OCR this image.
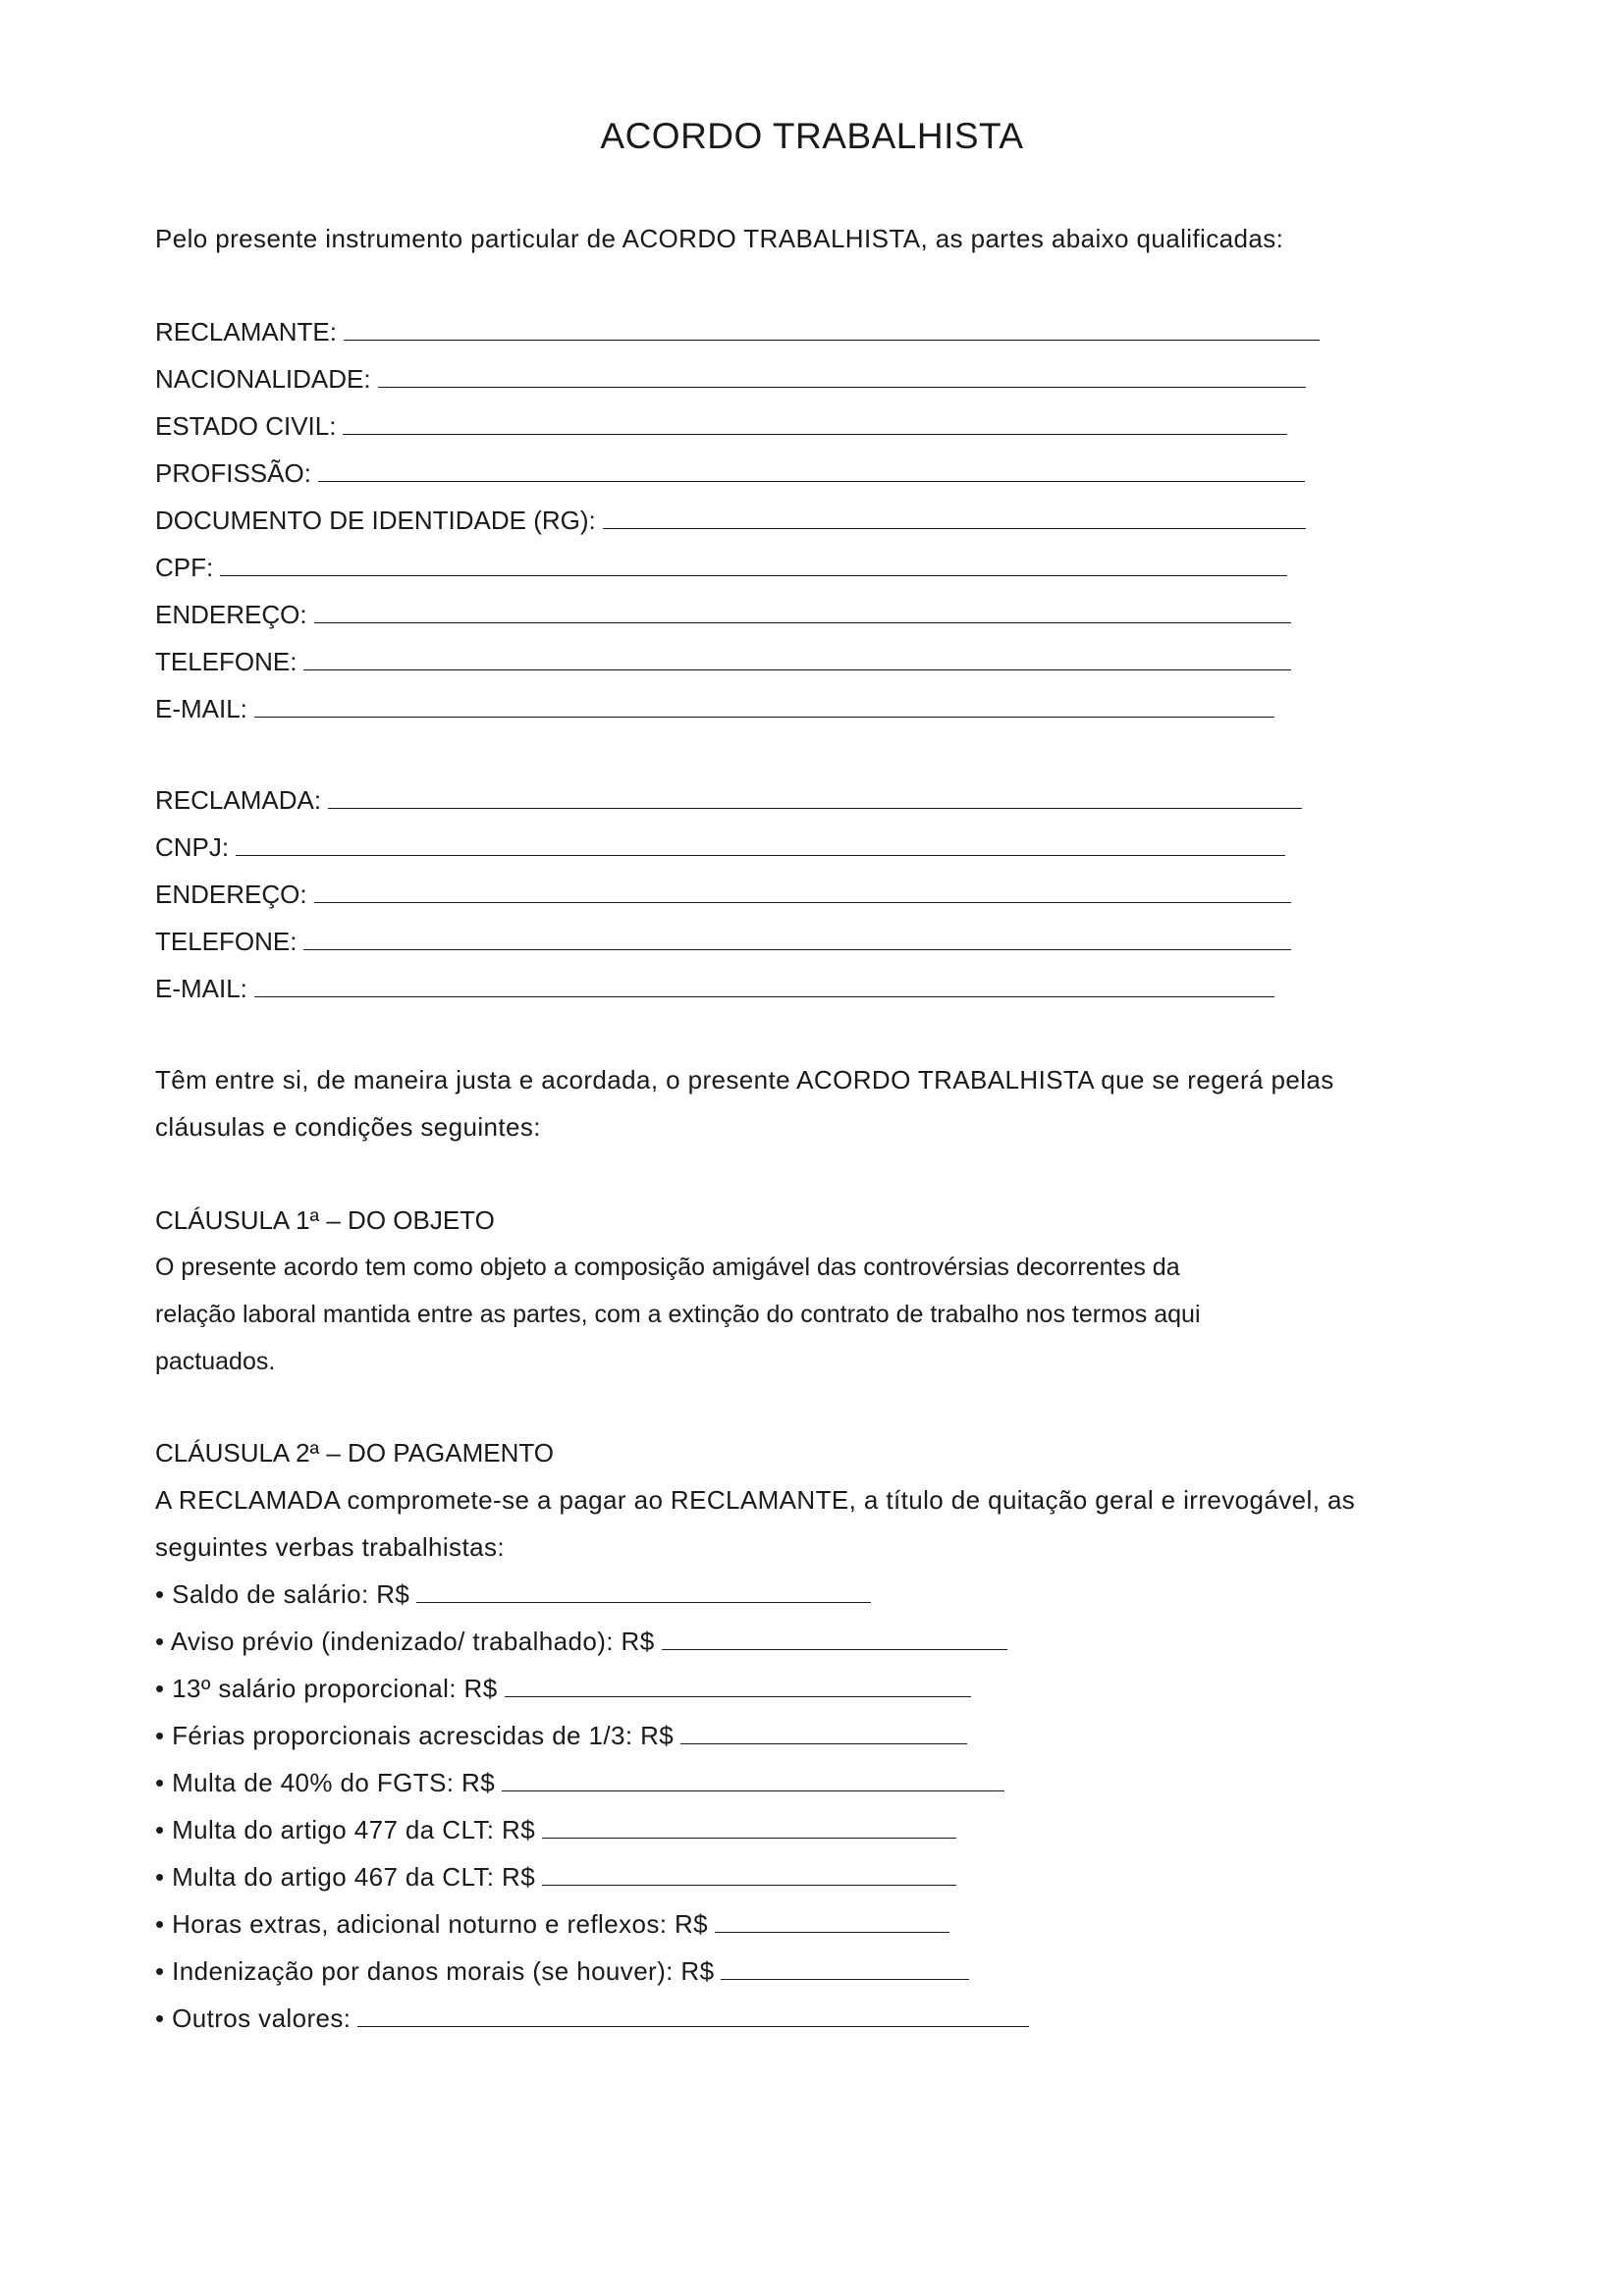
ACORDO TRABALHISTA

Pelo presente instrumento particular de ACORDO TRABALHISTA, as partes abaixo qualificadas:

RECLAMANTE:
NACIONALIDADE:
ESTADO CIVIL:
PROFISSÃO:
DOCUMENTO DE IDENTIDADE (RG):
CPF:
ENDEREÇO:
TELEFONE:
E-MAIL:
RECLAMADA:
CNPJ:
ENDEREÇO:
TELEFONE:
E-MAIL:

Têm entre si, de maneira justa e acordada, o presente ACORDO TRABALHISTA que se regerá pelas

cláusulas e condições seguintes:

CLÁUSULA 1ª – DO OBJETO

O presente acordo tem como objeto a composição amigável das controvérsias decorrentes da

relação laboral mantida entre as partes, com a extinção do contrato de trabalho nos termos aqui

pactuados.

CLÁUSULA 2ª – DO PAGAMENTO

A RECLAMADA compromete-se a pagar ao RECLAMANTE, a título de quitação geral e irrevogável, as

seguintes verbas trabalhistas:

• Saldo de salário: R$
• Aviso prévio (indenizado/ trabalhado): R$
• 13º salário proporcional: R$
• Férias proporcionais acrescidas de 1/3: R$
• Multa de 40% do FGTS: R$
• Multa do artigo 477 da CLT: R$
• Multa do artigo 467 da CLT: R$
• Horas extras, adicional noturno e reflexos: R$
• Indenização por danos morais (se houver): R$
• Outros valores:
